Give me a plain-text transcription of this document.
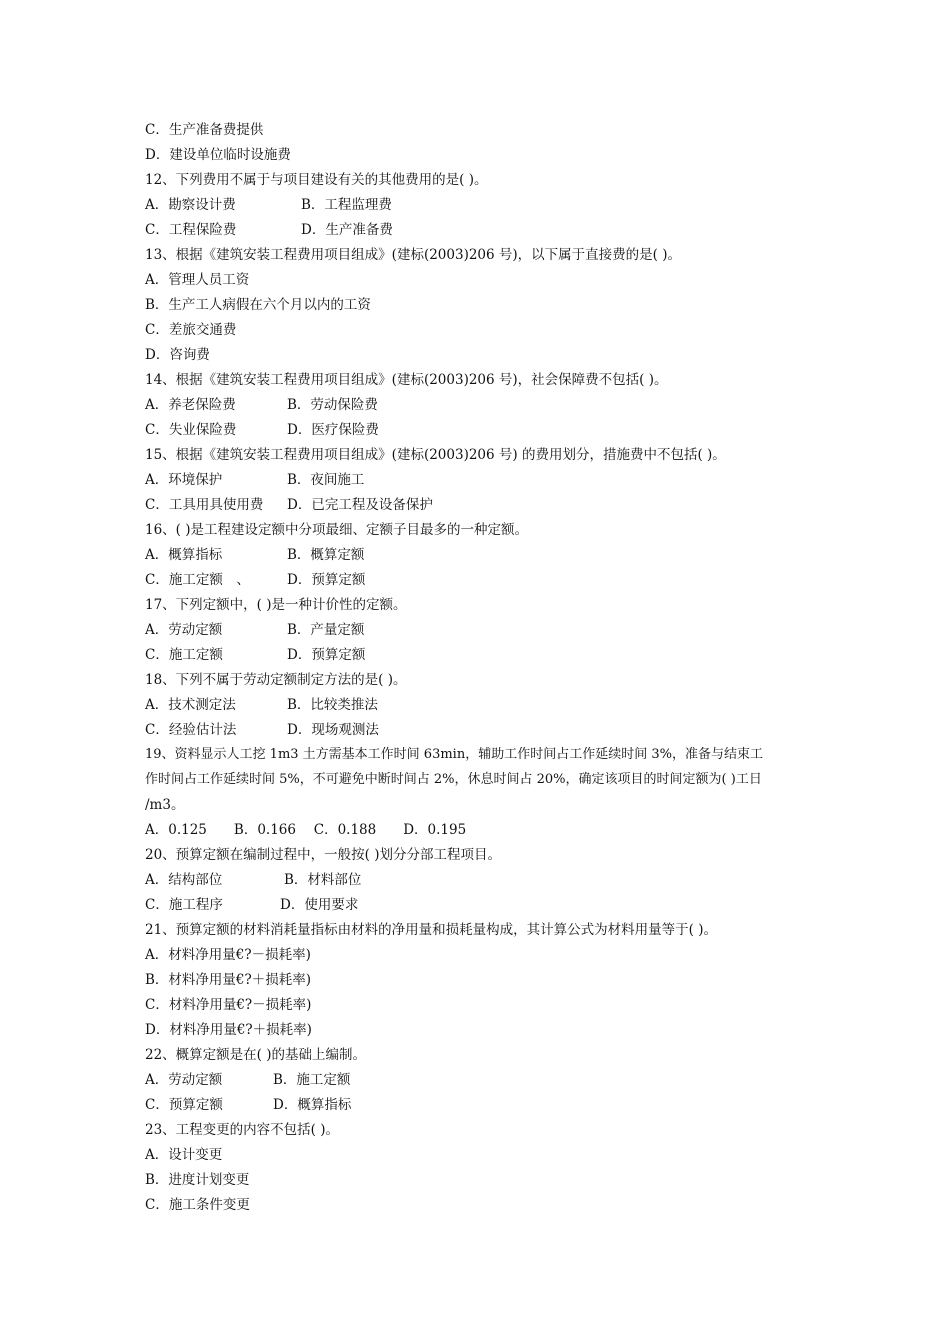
C．生产准备费提供
D．建设单位临时设施费
12、下列费用不属于与项目建设有关的其他费用的是( )。
A．勘察设计费	B．工程监理费
C．工程保险费	D．生产准备费
13、根据《建筑安装工程费用项目组成》(建标(2003)206 号)，以下属于直接费的是( )。
A．管理人员工资
B．生产工人病假在六个月以内的工资
C．差旅交通费
D．咨询费
14、根据《建筑安装工程费用项目组成》(建标(2003)206 号)，社会保障费不包括( )。
A．养老保险费	B．劳动保险费
C．失业保险费	D．医疗保险费
15、根据《建筑安装工程费用项目组成》(建标(2003)206 号) 的费用划分，措施费中不包括( )。
A．环境保护	B．夜间施工
C．工具用具使用费 D．已完工程及设备保护
16、( )是工程建设定额中分项最细、定额子目最多的一种定额。
A．概算指标	B．概算定额
C．施工定额　、	D．预算定额
17、下列定额中，( )是一种计价性的定额。
A．劳动定额	B．产量定额
C．施工定额	D．预算定额
18、下列不属于劳动定额制定方法的是( )。
A．技术测定法	B．比较类推法
C．经验估计法	D．现场观测法
19、资料显示人工挖 1m3 土方需基本工作时间 63min，辅助工作时间占工作延续时间 3%，准备与结束工
作时间占工作延续时间 5%，不可避免中断时间占 2%，休息时间占 20%，确定该项目的时间定额为( )工日
/m3。
A．0.125　　B．0.166　 C．0.188　　D．0.195
20、预算定额在编制过程中，一般按( )划分分部工程项目。
A．结构部位	B．材料部位
C．施工程序	D．使用要求
21、预算定额的材料消耗量指标由材料的净用量和损耗量构成，其计算公式为材料用量等于( )。
A．材料净用量€?－损耗率)
B．材料净用量€?＋损耗率)
C．材料净用量€?－损耗率)
D．材料净用量€?＋损耗率)
22、概算定额是在( )的基础上编制。
A．劳动定额	B．施工定额
C．预算定额	D．概算指标
23、工程变更的内容不包括( )。
A．设计变更
B．进度计划变更
C．施工条件变更
